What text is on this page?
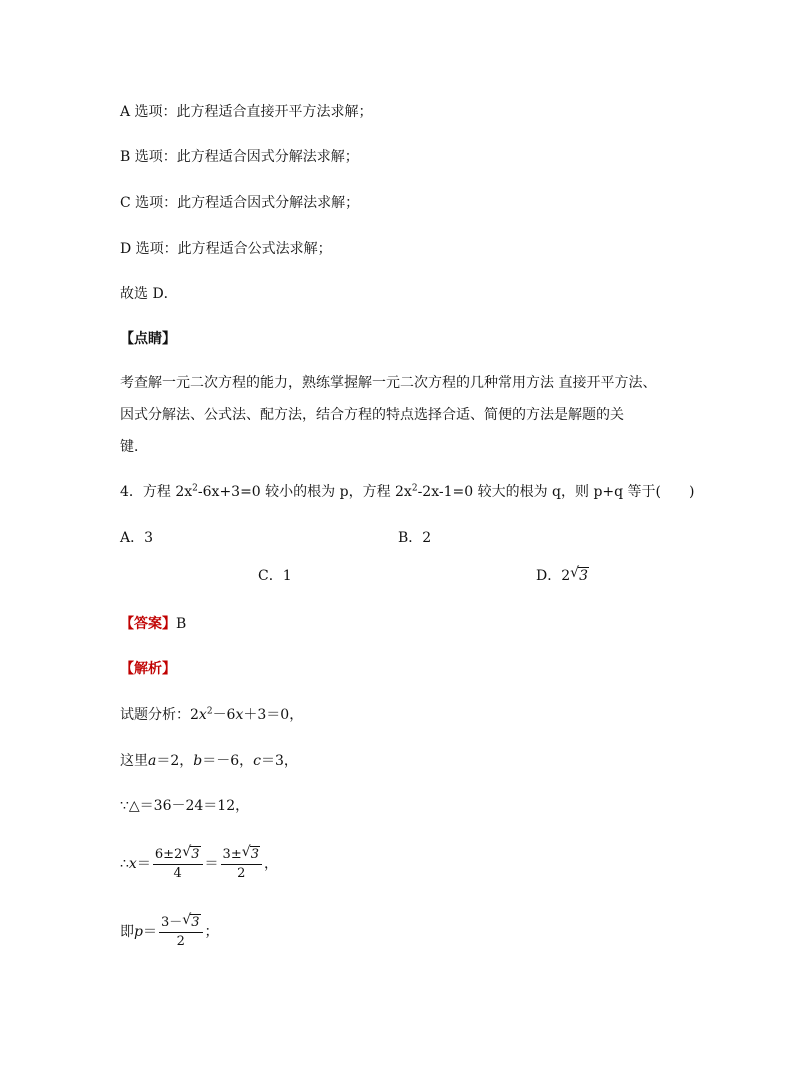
A 选项：此方程适合直接开平方法求解；
B 选项：此方程适合因式分解法求解；
C 选项：此方程适合因式分解法求解；
D 选项：此方程适合公式法求解；
故选 D．
【点睛】
考查解一元二次方程的能力，熟练掌握解一元二次方程的几种常用方法 直接开平方法、
因式分解法、公式法、配方法，结合方程的特点选择合适、简便的方法是解题的关
键．
4．方程 $2x^2-6x+3=0$ 较小的根为 p，方程 $2x^2-2x-1=0$ 较大的根为 q，则 p+q 等于(　　)
A．3	B．2
C．1	D．2 √ 3
【答案】B
【解析】
试题分析：$2x^2-6x+3=0$，
这里a＝2，b＝－6，c＝3，
∵△＝36－24＝12，
∴x＝ $\frac{6\pm 2 √ 3}{4} = \frac{3\pm √ 3}{2}$ ，
即$p= \frac{3- √ 3}{2}$ ；
